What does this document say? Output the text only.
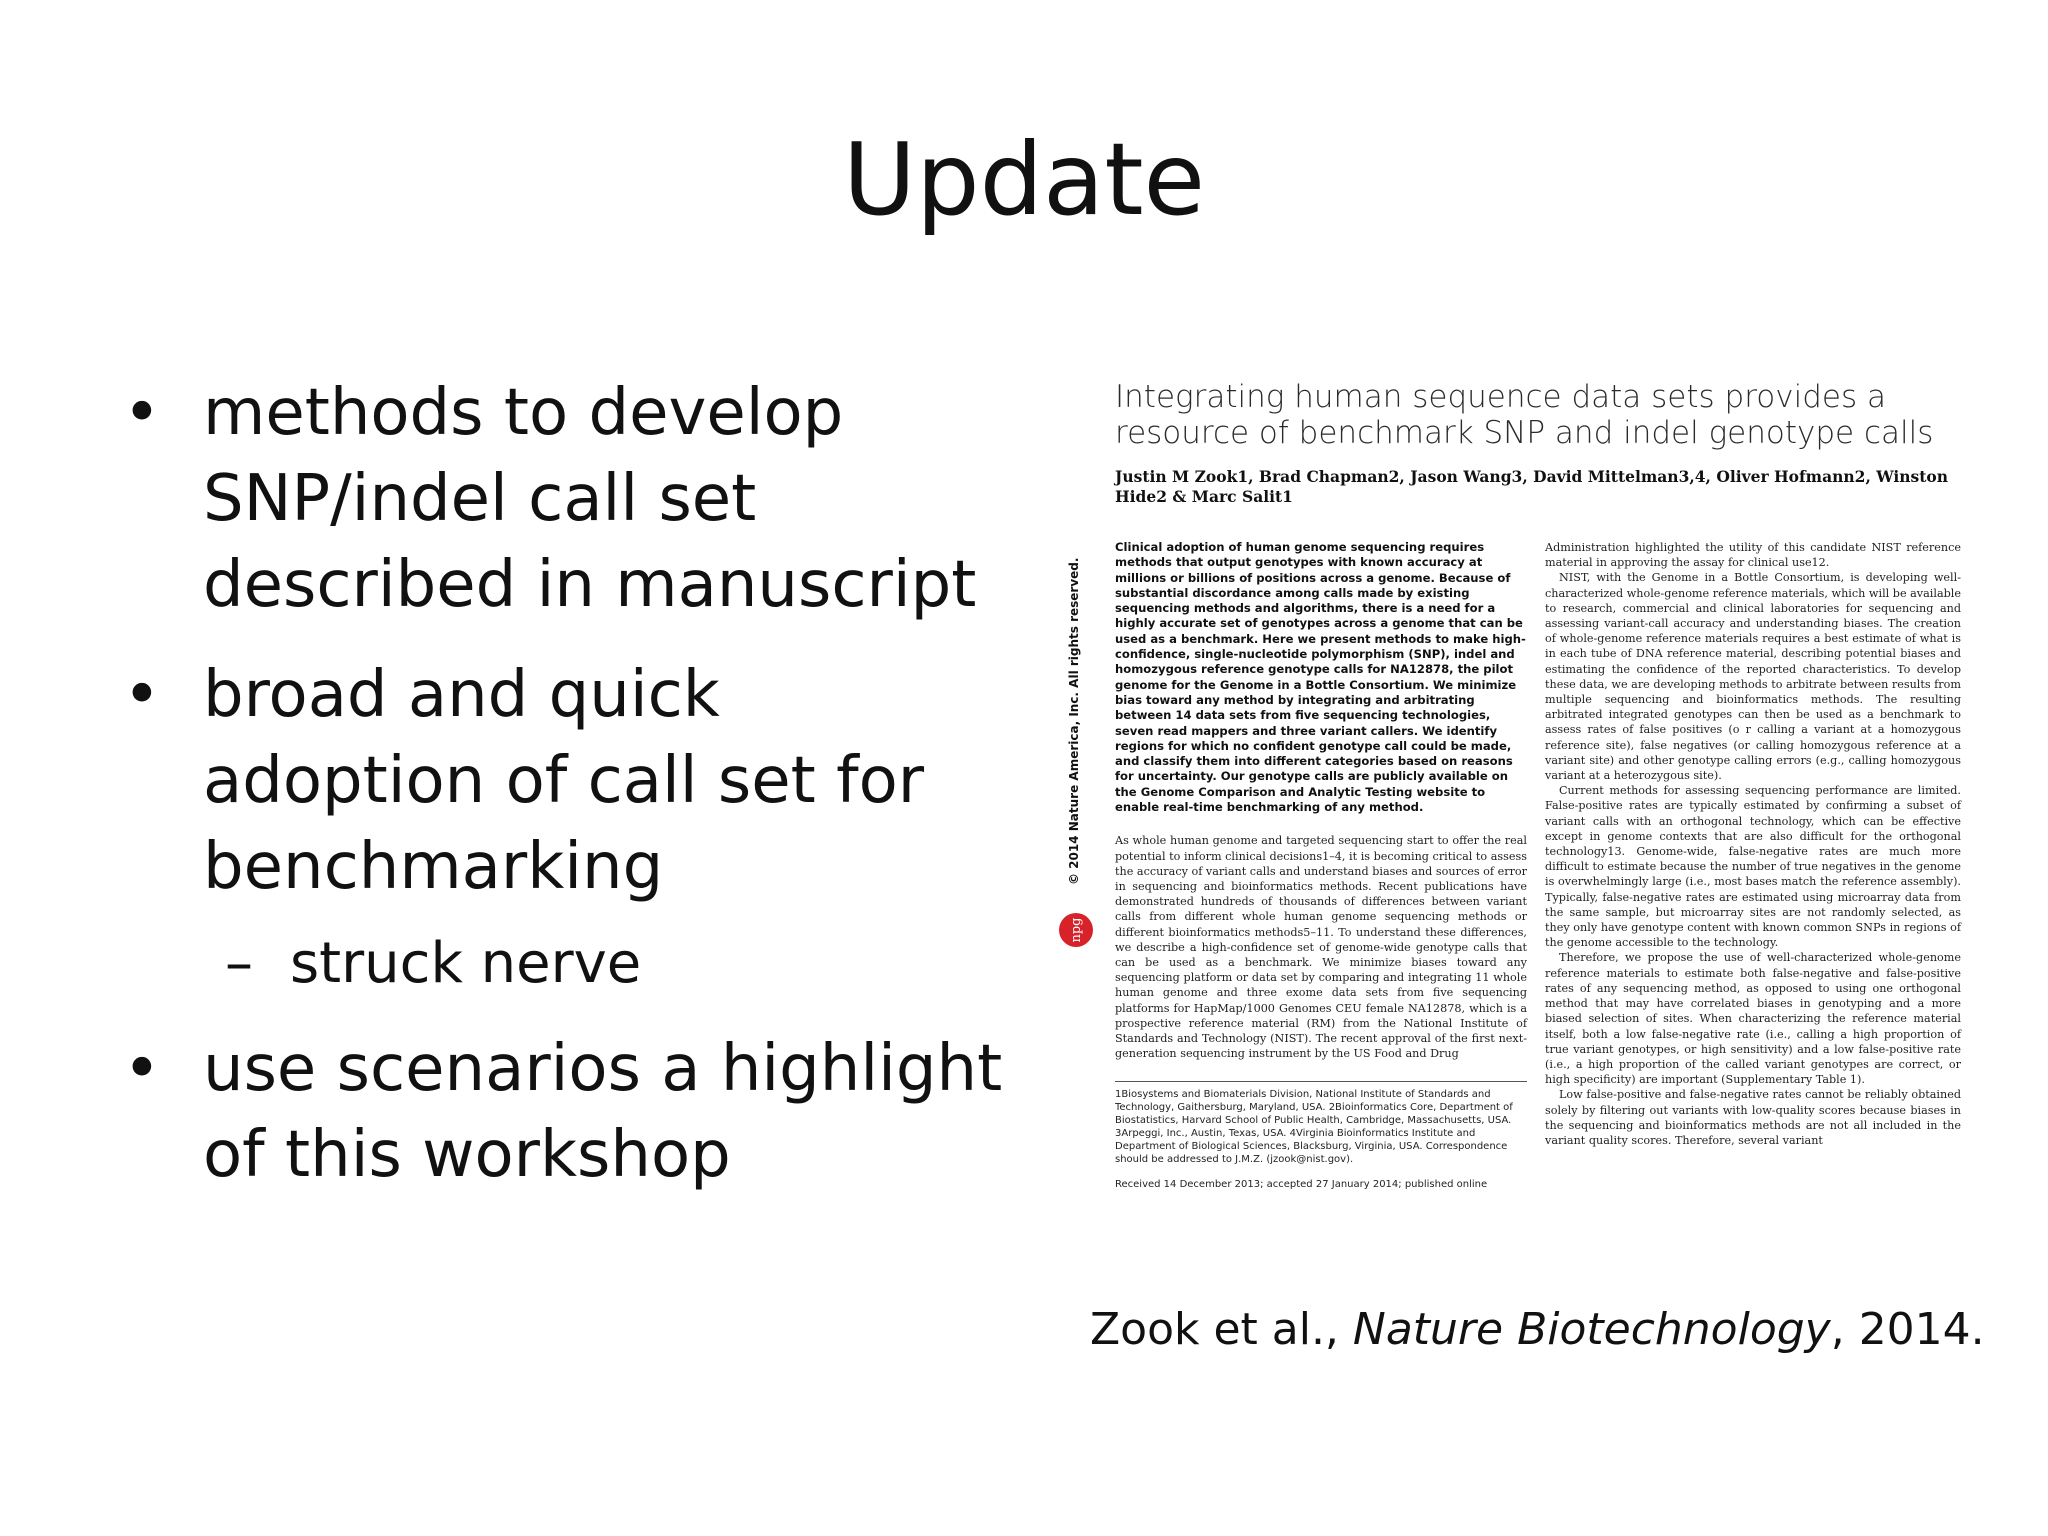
Update
• methods to develop SNP/indel call set described in manuscript
• broad and quick adoption of call set for benchmarking
– struck nerve
• use scenarios a highlight of this workshop
Integrating human sequence data sets provides a resource of benchmark SNP and indel genotype calls
Justin M Zook1, Brad Chapman2, Jason Wang3, David Mittelman3,4, Oliver Hofmann2, Winston Hide2 & Marc Salit1
© 2014 Nature America, Inc. All rights reserved.
npg

Clinical adoption of human genome sequencing requires methods that output genotypes with known accuracy at millions or billions of positions across a genome. Because of substantial discordance among calls made by existing sequencing methods and algorithms, there is a need for a highly accurate set of genotypes across a genome that can be used as a benchmark. Here we present methods to make high-confidence, single-nucleotide polymorphism (SNP), indel and homozygous reference genotype calls for NA12878, the pilot genome for the Genome in a Bottle Consortium. We minimize bias toward any method by integrating and arbitrating between 14 data sets from five sequencing technologies, seven read mappers and three variant callers. We identify regions for which no confident genotype call could be made, and classify them into different categories based on reasons for uncertainty. Our genotype calls are publicly available on the Genome Comparison and Analytic Testing website to enable real-time benchmarking of any method.

As whole human genome and targeted sequencing start to offer the real potential to inform clinical decisions1–4, it is becoming critical to assess the accuracy of variant calls and understand biases and sources of error in sequencing and bioinformatics methods. Recent publications have demonstrated hundreds of thousands of differences between variant calls from different whole human genome sequencing methods or different bioinformatics methods5–11. To understand these differences, we describe a high-confidence set of genome-wide genotype calls that can be used as a benchmark. We minimize biases toward any sequencing platform or data set by comparing and integrating 11 whole human genome and three exome data sets from five sequencing platforms for HapMap/1000 Genomes CEU female NA12878, which is a prospective reference material (RM) from the National Institute of Standards and Technology (NIST). The recent approval of the first next-generation sequencing instrument by the US Food and Drug

1Biosystems and Biomaterials Division, National Institute of Standards and Technology, Gaithersburg, Maryland, USA. 2Bioinformatics Core, Department of Biostatistics, Harvard School of Public Health, Cambridge, Massachusetts, USA. 3Arpeggi, Inc., Austin, Texas, USA. 4Virginia Bioinformatics Institute and Department of Biological Sciences, Blacksburg, Virginia, USA. Correspondence should be addressed to J.M.Z. (jzook@nist.gov).
Received 14 December 2013; accepted 27 January 2014; published online

Administration highlighted the utility of this candidate NIST reference material in approving the assay for clinical use12.

NIST, with the Genome in a Bottle Consortium, is developing well-characterized whole-genome reference materials, which will be available to research, commercial and clinical laboratories for sequencing and assessing variant-call accuracy and understanding biases. The creation of whole-genome reference materials requires a best estimate of what is in each tube of DNA reference material, describing potential biases and estimating the confidence of the reported characteristics. To develop these data, we are developing methods to arbitrate between results from multiple sequencing and bioinformatics methods. The resulting arbitrated integrated genotypes can then be used as a benchmark to assess rates of false positives (o r calling a variant at a homozygous reference site), false negatives (or calling homozygous reference at a variant site) and other genotype calling errors (e.g., calling homozygous variant at a heterozygous site).

Current methods for assessing sequencing performance are limited. False-positive rates are typically estimated by confirming a subset of variant calls with an orthogonal technology, which can be effective except in genome contexts that are also difficult for the orthogonal technology13. Genome-wide, false-negative rates are much more difficult to estimate because the number of true negatives in the genome is overwhelmingly large (i.e., most bases match the reference assembly). Typically, false-negative rates are estimated using microarray data from the same sample, but microarray sites are not randomly selected, as they only have genotype content with known common SNPs in regions of the genome accessible to the technology.

Therefore, we propose the use of well-characterized whole-genome reference materials to estimate both false-negative and false-positive rates of any sequencing method, as opposed to using one orthogonal method that may have correlated biases in genotyping and a more biased selection of sites. When characterizing the reference material itself, both a low false-negative rate (i.e., calling a high proportion of true variant genotypes, or high sensitivity) and a low false-positive rate (i.e., a high proportion of the called variant genotypes are correct, or high specificity) are important (Supplementary Table 1).

Low false-positive and false-negative rates cannot be reliably obtained solely by filtering out variants with low-quality scores because biases in the sequencing and bioinformatics methods are not all included in the variant quality scores. Therefore, several variant

Zook et al., Nature Biotechnology, 2014.
